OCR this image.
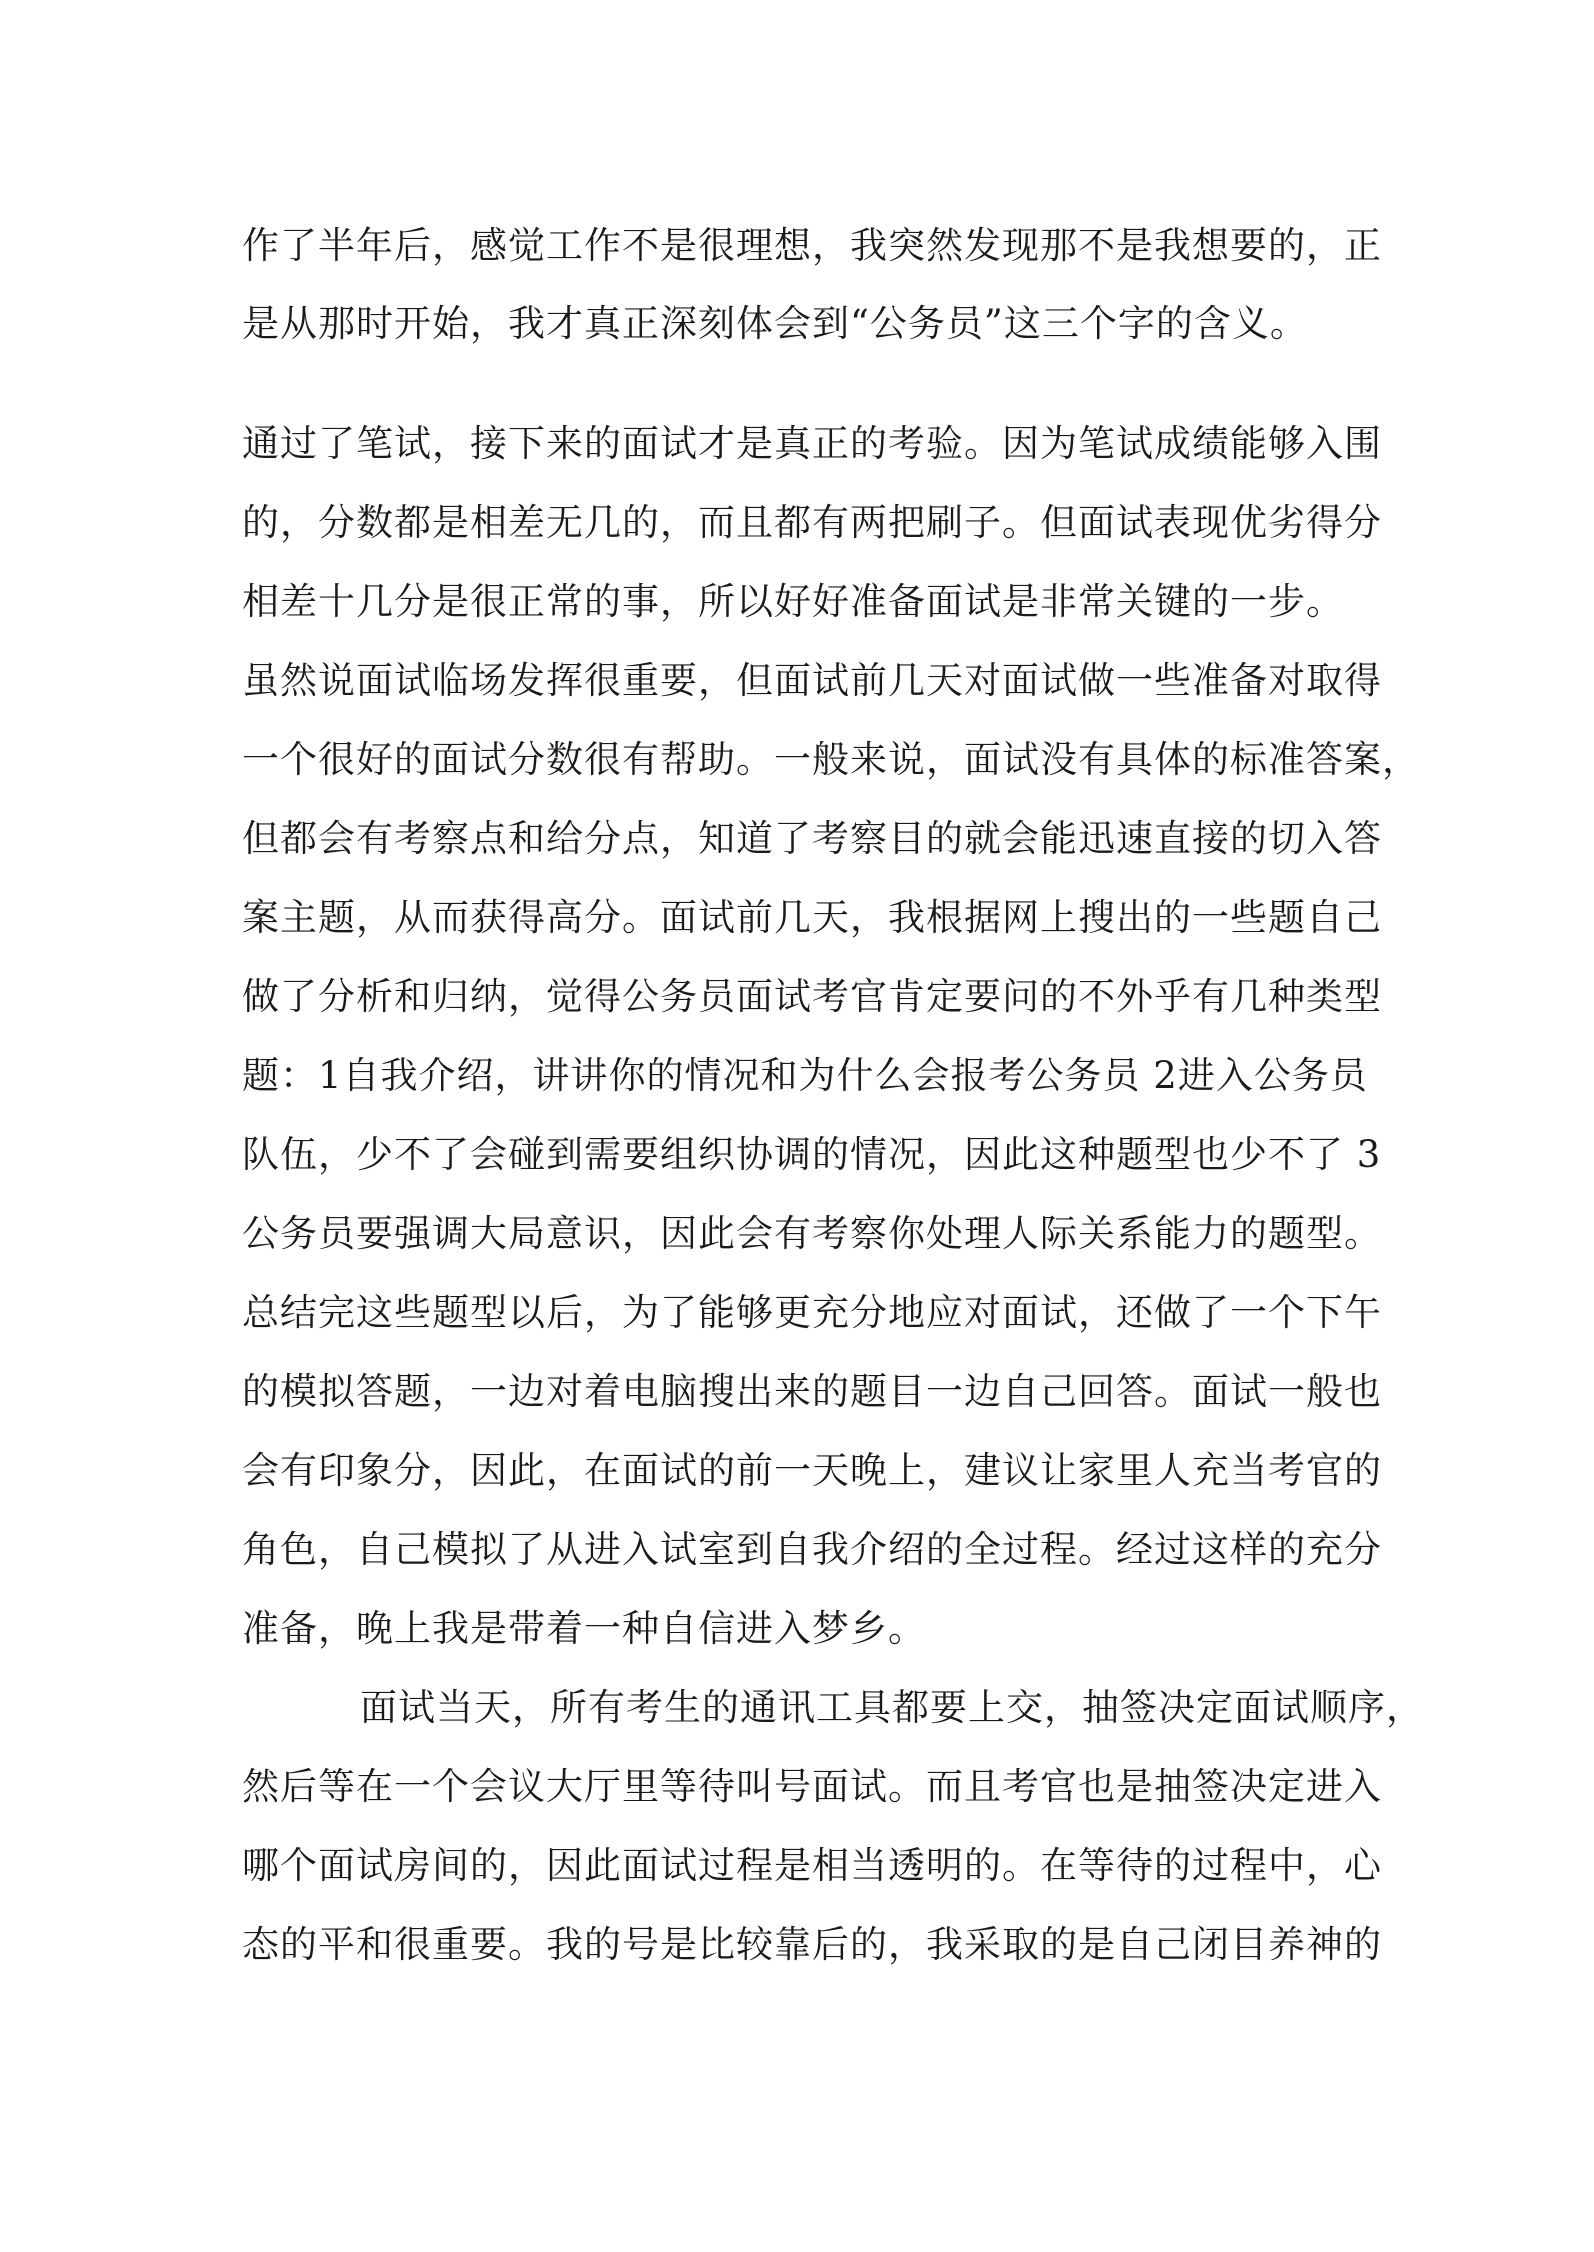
作了半年后，感觉工作不是很理想，我突然发现那不是我想要的，正
是从那时开始，我才真正深刻体会到“公务员”这三个字的含义。
通过了笔试，接下来的面试才是真正的考验。因为笔试成绩能够入围
的，分数都是相差无几的，而且都有两把刷子。但面试表现优劣得分
相差十几分是很正常的事，所以好好准备面试是非常关键的一步。
虽然说面试临场发挥很重要，但面试前几天对面试做一些准备对取得
一个很好的面试分数很有帮助。一般来说，面试没有具体的标准答案，
但都会有考察点和给分点，知道了考察目的就会能迅速直接的切入答
案主题，从而获得高分。面试前几天，我根据网上搜出的一些题自己
做了分析和归纳，觉得公务员面试考官肯定要问的不外乎有几种类型
题：1自我介绍，讲讲你的情况和为什么会报考公务员 2进入公务员
队伍，少不了会碰到需要组织协调的情况，因此这种题型也少不了 3
公务员要强调大局意识，因此会有考察你处理人际关系能力的题型。
总结完这些题型以后，为了能够更充分地应对面试，还做了一个下午
的模拟答题，一边对着电脑搜出来的题目一边自己回答。面试一般也
会有印象分，因此，在面试的前一天晚上，建议让家里人充当考官的
角色，自己模拟了从进入试室到自我介绍的全过程。经过这样的充分
准备，晚上我是带着一种自信进入梦乡。
面试当天，所有考生的通讯工具都要上交，抽签决定面试顺序，
然后等在一个会议大厅里等待叫号面试。而且考官也是抽签决定进入
哪个面试房间的，因此面试过程是相当透明的。在等待的过程中，心
态的平和很重要。我的号是比较靠后的，我采取的是自己闭目养神的
